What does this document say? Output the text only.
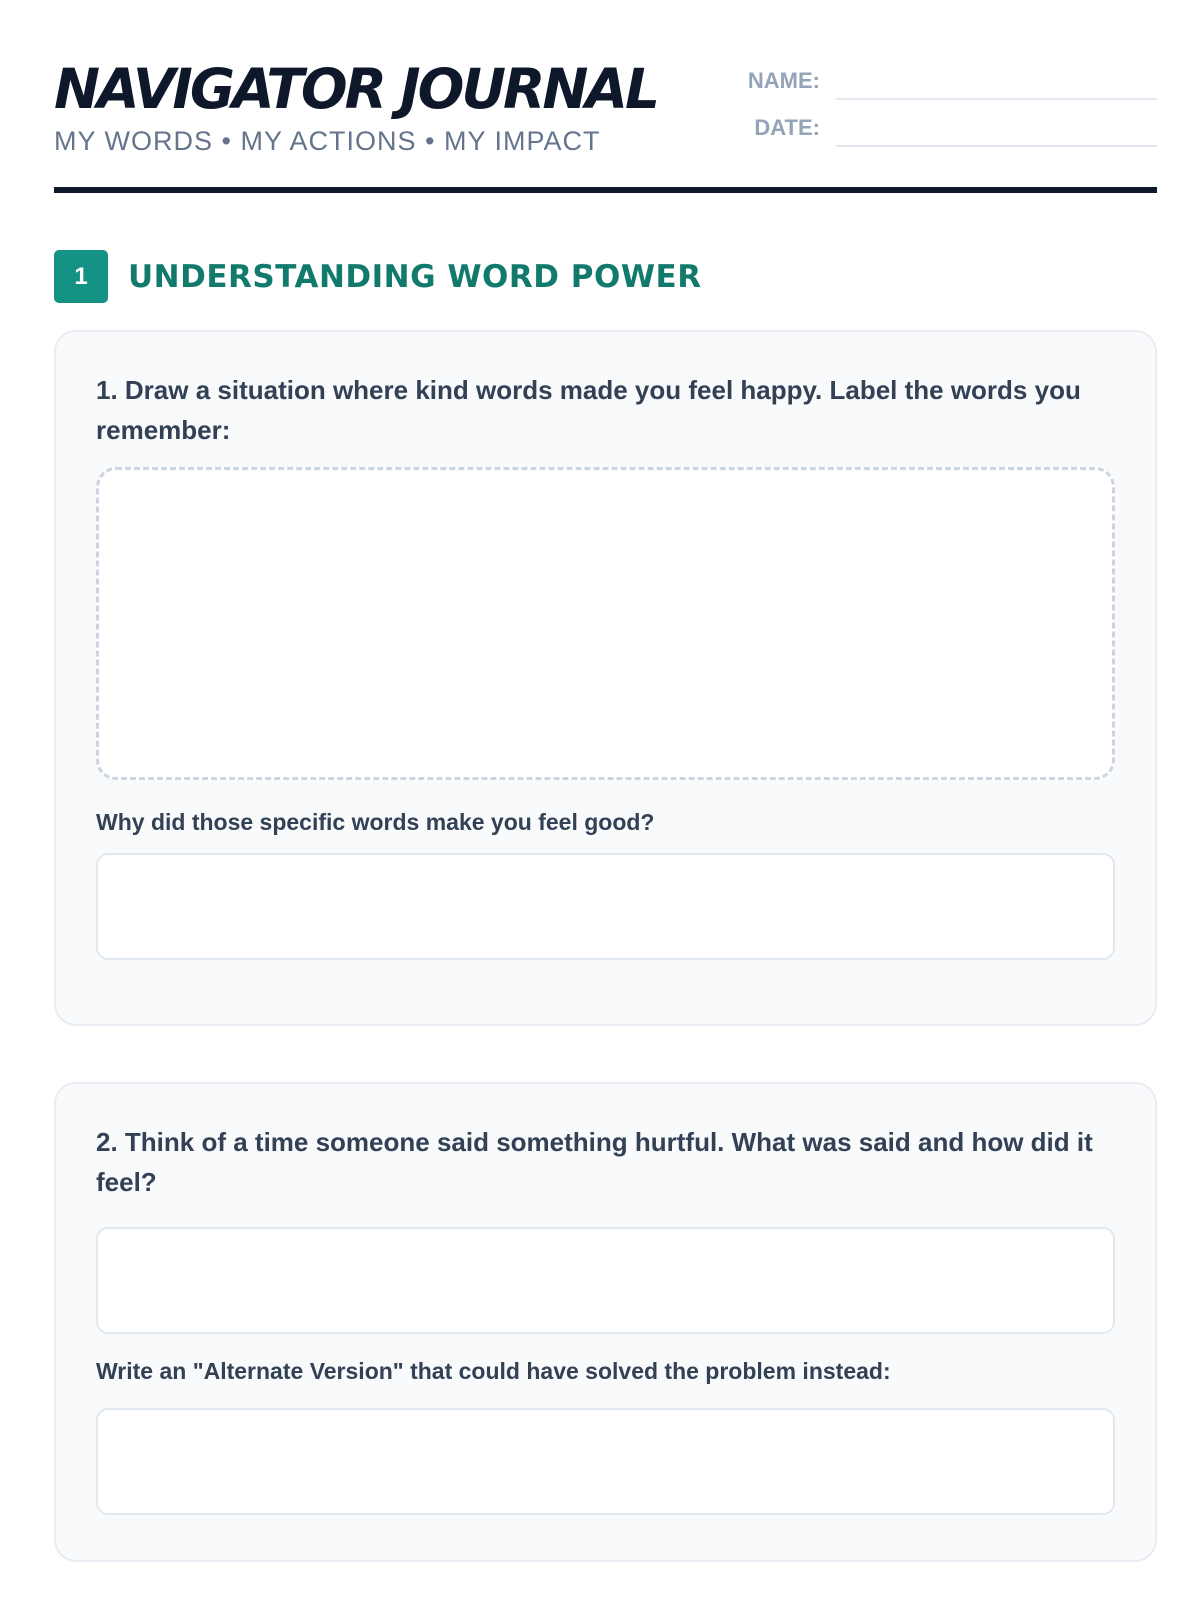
NAVIGATOR JOURNAL
MY WORDS • MY ACTIONS • MY IMPACT
NAME:
DATE:
1	UNDERSTANDING WORD POWER
1. Draw a situation where kind words made you feel happy. Label the words you remember:
Why did those specific words make you feel good?
2. Think of a time someone said something hurtful. What was said and how did it feel?
Write an "Alternate Version" that could have solved the problem instead:
